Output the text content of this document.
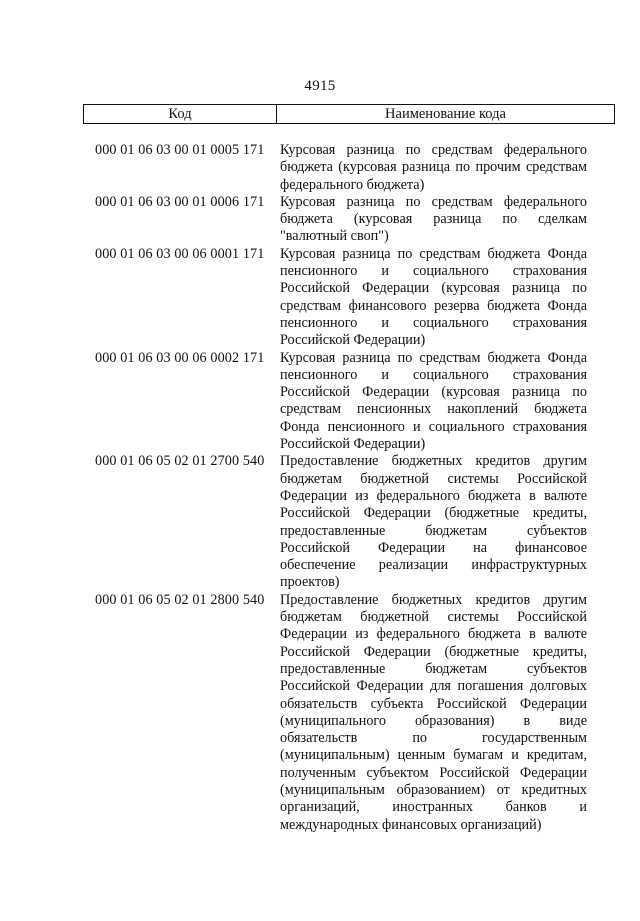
4915
Код	Наименование кода
000 01 06 03 00 01 0005 171	Курсовая разница по средствам федерального
бюджета (курсовая разница по прочим средствам
федерального бюджета)
000 01 06 03 00 01 0006 171	Курсовая разница по средствам федерального
бюджета (курсовая разница по сделкам
"валютный своп")
000 01 06 03 00 06 0001 171	Курсовая разница по средствам бюджета Фонда
пенсионного и социального страхования
Российской Федерации (курсовая разница по
средствам финансового резерва бюджета Фонда
пенсионного и социального страхования
Российской Федерации)
000 01 06 03 00 06 0002 171	Курсовая разница по средствам бюджета Фонда
пенсионного и социального страхования
Российской Федерации (курсовая разница по
средствам пенсионных накоплений бюджета
Фонда пенсионного и социального страхования
Российской Федерации)
000 01 06 05 02 01 2700 540	Предоставление бюджетных кредитов другим
бюджетам бюджетной системы Российской
Федерации из федерального бюджета в валюте
Российской Федерации (бюджетные кредиты,
предоставленные бюджетам субъектов
Российской Федерации на финансовое
обеспечение реализации инфраструктурных
проектов)
000 01 06 05 02 01 2800 540	Предоставление бюджетных кредитов другим
бюджетам бюджетной системы Российской
Федерации из федерального бюджета в валюте
Российской Федерации (бюджетные кредиты,
предоставленные бюджетам субъектов
Российской Федерации для погашения долговых
обязательств субъекта Российской Федерации
(муниципального образования) в виде
обязательств по государственным
(муниципальным) ценным бумагам и кредитам,
полученным субъектом Российской Федерации
(муниципальным образованием) от кредитных
организаций, иностранных банков и
международных финансовых организаций)
